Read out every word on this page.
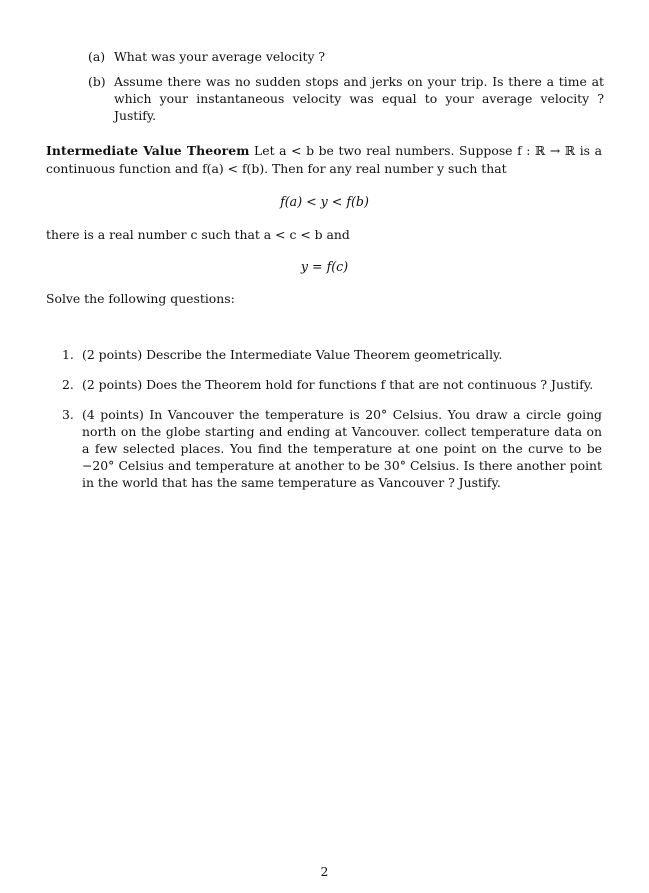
(a) What was your average velocity ?
(b) Assume there was no sudden stops and jerks on your trip. Is there a time at which your instantaneous velocity was equal to your average velocity ? Justify.
Intermediate Value Theorem Let a < b be two real numbers. Suppose f : ℝ → ℝ is a continuous function and f(a) < f(b). Then for any real number y such that
f(a) < y < f(b)
there is a real number c such that a < c < b and
y = f(c)
Solve the following questions:
1. (2 points) Describe the Intermediate Value Theorem geometrically.
2. (2 points) Does the Theorem hold for functions f that are not continuous ? Justify.
3. (4 points) In Vancouver the temperature is 20° Celsius. You draw a circle going north on the globe starting and ending at Vancouver. collect temperature data on a few selected places. You find the temperature at one point on the curve to be −20° Celsius and temperature at another to be 30° Celsius. Is there another point in the world that has the same temperature as Vancouver ? Justify.
2
